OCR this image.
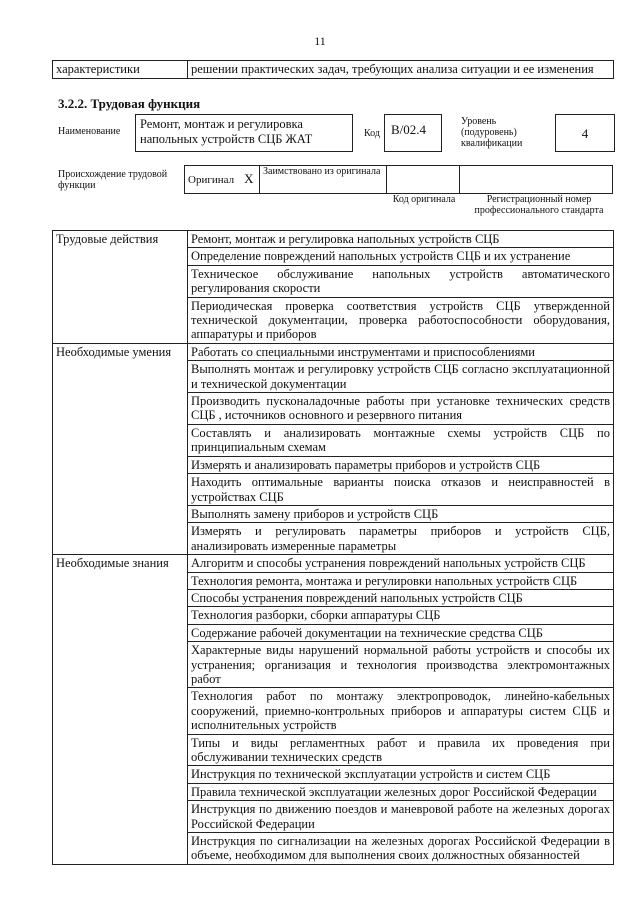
11
характеристики	решении практических задач, требующих анализа ситуации и ее изменения
3.2.2. Трудовая функция
Наименование
Ремонт, монтаж и регулировка напольных устройств СЦБ ЖАТ	Код В/02.4
Уровень (подуровень) квалификации
4
Происхождение трудовой функции	Оригинал X	Заимствовано из оригинала		
Код оригинала	Регистрационный номер профессионального стандарта
Трудовые действия	Ремонт, монтаж и регулировка напольных устройств СЦБ
	Определение повреждений напольных устройств СЦБ и их устранение
	Техническое обслуживание напольных устройств автоматического регулирования скорости
	Периодическая проверка соответствия устройств СЦБ утвержденной технической документации, проверка работоспособности оборудования, аппаратуры и приборов
Необходимые умения	Работать со специальными инструментами и приспособлениями
	Выполнять монтаж и регулировку устройств СЦБ согласно эксплуатационной и технической документации
	Производить пусконаладочные работы при установке технических средств СЦБ , источников основного и резервного питания
	Составлять и анализировать монтажные схемы устройств СЦБ по принципиальным схемам
	Измерять и анализировать параметры приборов и устройств СЦБ
	Находить оптимальные варианты поиска отказов и неисправностей в устройствах СЦБ
	Выполнять замену приборов и устройств СЦБ
	Измерять и регулировать параметры приборов и устройств СЦБ, анализировать измеренные параметры
Необходимые знания	Алгоритм и способы устранения повреждений напольных устройств СЦБ
	Технология ремонта, монтажа и регулировки напольных устройств СЦБ
	Способы устранения повреждений напольных устройств СЦБ
	Технология разборки, сборки аппаратуры СЦБ
	Содержание рабочей документации на технические средства СЦБ
	Характерные виды нарушений нормальной работы устройств и способы их устранения; организация и технология производства электромонтажных работ
	Технология работ по монтажу электропроводок, линейно-кабельных сооружений, приемно-контрольных приборов и аппаратуры систем СЦБ и исполнительных устройств
	Типы и виды регламентных работ и правила их проведения при обслуживании технических средств
	Инструкция по технической эксплуатации устройств и систем СЦБ
	Правила технической эксплуатации железных дорог Российской Федерации
	Инструкция по движению поездов и маневровой работе на железных дорогах Российской Федерации
	Инструкция по сигнализации на железных дорогах Российской Федерации в объеме, необходимом для выполнения своих должностных обязанностей
